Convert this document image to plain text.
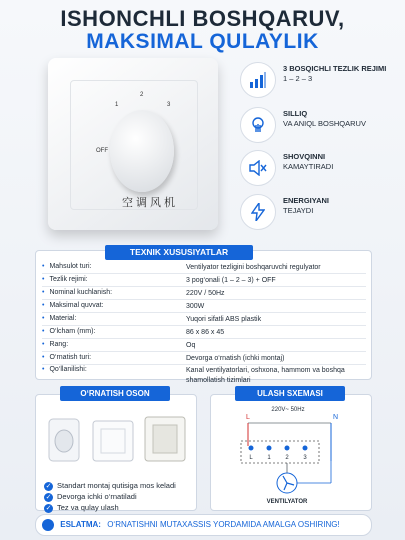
ISHONCHLI BOSHQARUV,
MAKSIMAL QULAYLIK
1
2
3
OFF
空调风机
3 BOSQICHLI TEZLIK REJIMI
1 – 2 – 3
SILLIQ
VA ANIQL BOSHQARUV
SHOVQINNI
KAMAYTIRADI
ENERGIYANI
TEJAYDI
• Mahsulot turi:	Ventilyator tezligini boshqaruvchi regulyator
• Tezlik rejimi:	3 pog‘onali (1 – 2 – 3) + OFF
• Nominal kuchlanish:	220V / 50Hz
• Maksimal quvvat:	300W
• Material:	Yuqori sifatli ABS plastik
• O‘lcham (mm):	86 x 86 x 45
• Rang:	Oq
• O‘rnatish turi:	Devorga o‘rnatish (ichki montaj)
• Qo‘llanilishi:	Kanal ventilyatorlari, oshxona, hammom va boshqa shamollatish tizimlari
TEXNIK XUSUSIYATLAR
✓ Standart montaj qutisiga mos keladi
✓ Devorga ichki o‘rnatiladi
✓ Tez va qulay ulash
O‘RNATISH OSON
220V~ 50Hz
L	N
L 1 2 3
VENTILYATOR
ULASH SXEMASI
ESLATMA: O‘RNATISHNI MUTAXASSIS YORDAMIDA AMALGA OSHIRING!
